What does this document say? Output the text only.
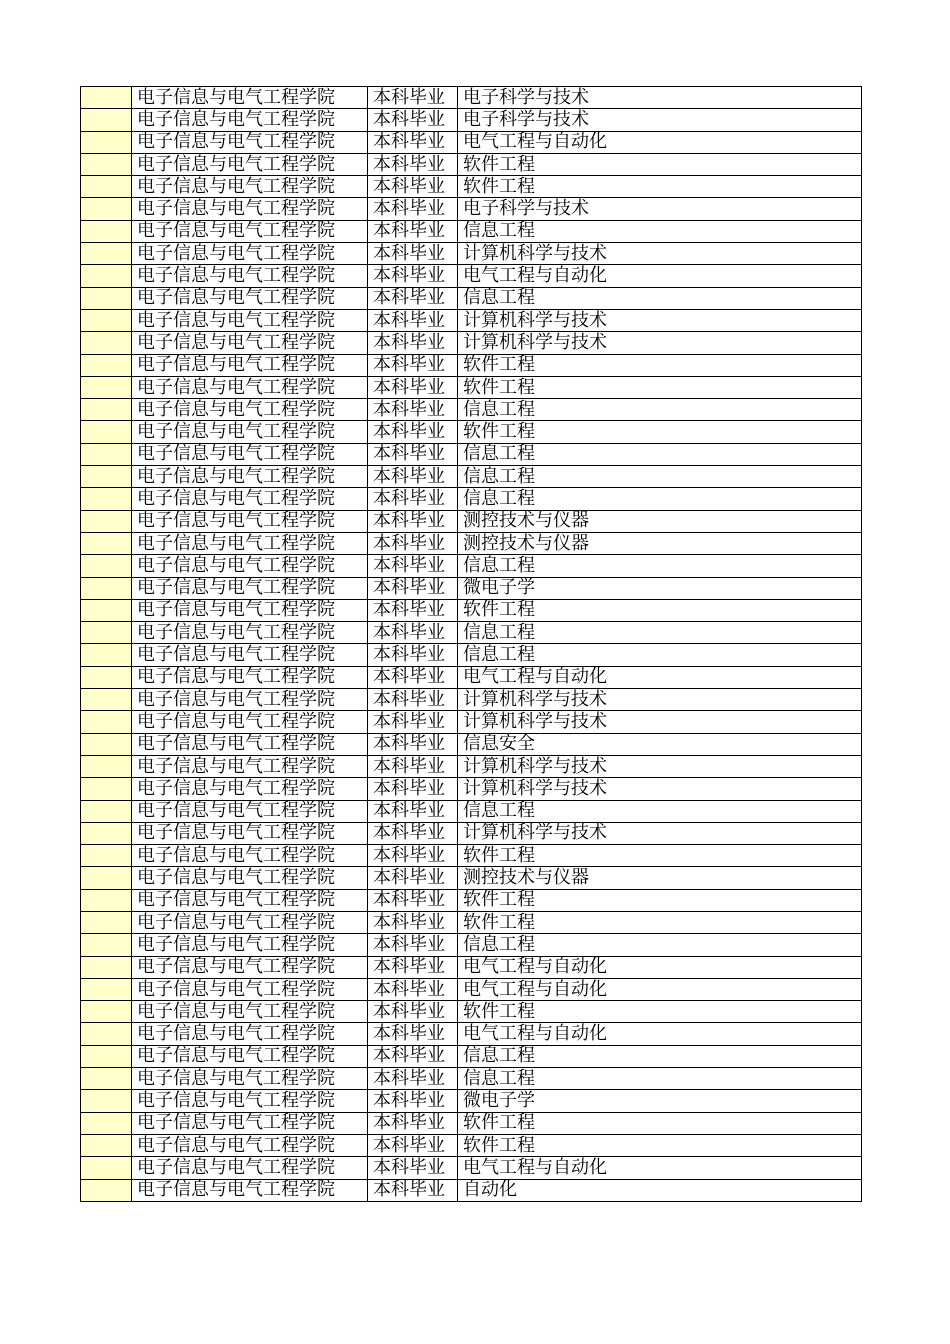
	电子信息与电气工程学院	本科毕业	电子科学与技术
	电子信息与电气工程学院	本科毕业	电子科学与技术
	电子信息与电气工程学院	本科毕业	电气工程与自动化
	电子信息与电气工程学院	本科毕业	软件工程
	电子信息与电气工程学院	本科毕业	软件工程
	电子信息与电气工程学院	本科毕业	电子科学与技术
	电子信息与电气工程学院	本科毕业	信息工程
	电子信息与电气工程学院	本科毕业	计算机科学与技术
	电子信息与电气工程学院	本科毕业	电气工程与自动化
	电子信息与电气工程学院	本科毕业	信息工程
	电子信息与电气工程学院	本科毕业	计算机科学与技术
	电子信息与电气工程学院	本科毕业	计算机科学与技术
	电子信息与电气工程学院	本科毕业	软件工程
	电子信息与电气工程学院	本科毕业	软件工程
	电子信息与电气工程学院	本科毕业	信息工程
	电子信息与电气工程学院	本科毕业	软件工程
	电子信息与电气工程学院	本科毕业	信息工程
	电子信息与电气工程学院	本科毕业	信息工程
	电子信息与电气工程学院	本科毕业	信息工程
	电子信息与电气工程学院	本科毕业	测控技术与仪器
	电子信息与电气工程学院	本科毕业	测控技术与仪器
	电子信息与电气工程学院	本科毕业	信息工程
	电子信息与电气工程学院	本科毕业	微电子学
	电子信息与电气工程学院	本科毕业	软件工程
	电子信息与电气工程学院	本科毕业	信息工程
	电子信息与电气工程学院	本科毕业	信息工程
	电子信息与电气工程学院	本科毕业	电气工程与自动化
	电子信息与电气工程学院	本科毕业	计算机科学与技术
	电子信息与电气工程学院	本科毕业	计算机科学与技术
	电子信息与电气工程学院	本科毕业	信息安全
	电子信息与电气工程学院	本科毕业	计算机科学与技术
	电子信息与电气工程学院	本科毕业	计算机科学与技术
	电子信息与电气工程学院	本科毕业	信息工程
	电子信息与电气工程学院	本科毕业	计算机科学与技术
	电子信息与电气工程学院	本科毕业	软件工程
	电子信息与电气工程学院	本科毕业	测控技术与仪器
	电子信息与电气工程学院	本科毕业	软件工程
	电子信息与电气工程学院	本科毕业	软件工程
	电子信息与电气工程学院	本科毕业	信息工程
	电子信息与电气工程学院	本科毕业	电气工程与自动化
	电子信息与电气工程学院	本科毕业	电气工程与自动化
	电子信息与电气工程学院	本科毕业	软件工程
	电子信息与电气工程学院	本科毕业	电气工程与自动化
	电子信息与电气工程学院	本科毕业	信息工程
	电子信息与电气工程学院	本科毕业	信息工程
	电子信息与电气工程学院	本科毕业	微电子学
	电子信息与电气工程学院	本科毕业	软件工程
	电子信息与电气工程学院	本科毕业	软件工程
	电子信息与电气工程学院	本科毕业	电气工程与自动化
	电子信息与电气工程学院	本科毕业	自动化
